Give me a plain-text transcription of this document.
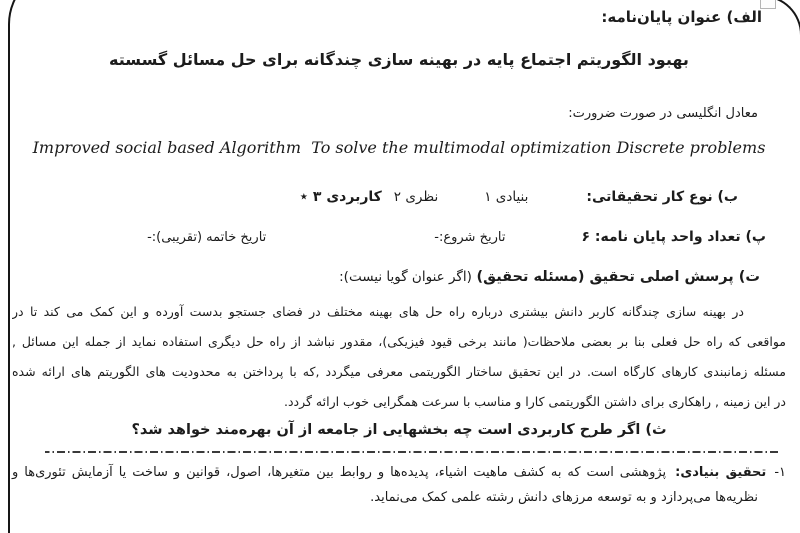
الف) عنوان پایان‌نامه:
بهبود الگوریتم اجتماع پایه در بهینه سازی چندگانه برای حل مسائل گسسته
معادل انگلیسی در صورت ضرورت:
Improved social based Algorithm  To solve the multimodal optimization Discrete problems
ب) نوع کار تحقیقاتی:
بنیادی ۱
نظری ۲
کاربردی ۳
٭
پ) تعداد واحد پایان نامه: ۶
تاریخ شروع:-
تاریخ خاتمه (تقریبی):-
ت) پرسش اصلی تحقیق (مسئله تحقیق) (اگر عنوان گویا نیست):
در بهینه سازی چندگانه کاربر دانش بیشتری درباره راه حل های بهینه مختلف در فضای جستجو بدست آورده و این کمک می کند تا در
مواقعی که راه حل فعلی بنا بر بعضی ملاحظات( مانند برخی قیود فیزیکی)، مقدور نباشد از راه حل دیگری استفاده نماید از جمله این مسائل ,
مسئله زمانبندی کارهای کارگاه است. در این تحقیق ساختار الگوریتمی معرفی میگردد ,که با پرداختن به محدودیت های الگوریتم های ارائه شده
در این زمینه , راهکاری برای داشتن الگوریتمی کارا و مناسب با سرعت همگرایی خوب ارائه گردد.
ث) اگر طرح کاربردی است چه بخشهایی از جامعه از آن بهره‌مند خواهد شد؟
۱-تحقیق بنیادی: پژوهشی است که به کشف ماهیت اشیاء، پدیده‌ها و روابط بین متغیرها، اصول، قوانین و ساخت یا آزمایش تئوری‌ها و نظریه‌ها می‌پردازد و به توسعه مرزهای دانش رشته علمی کمک می‌نماید.
